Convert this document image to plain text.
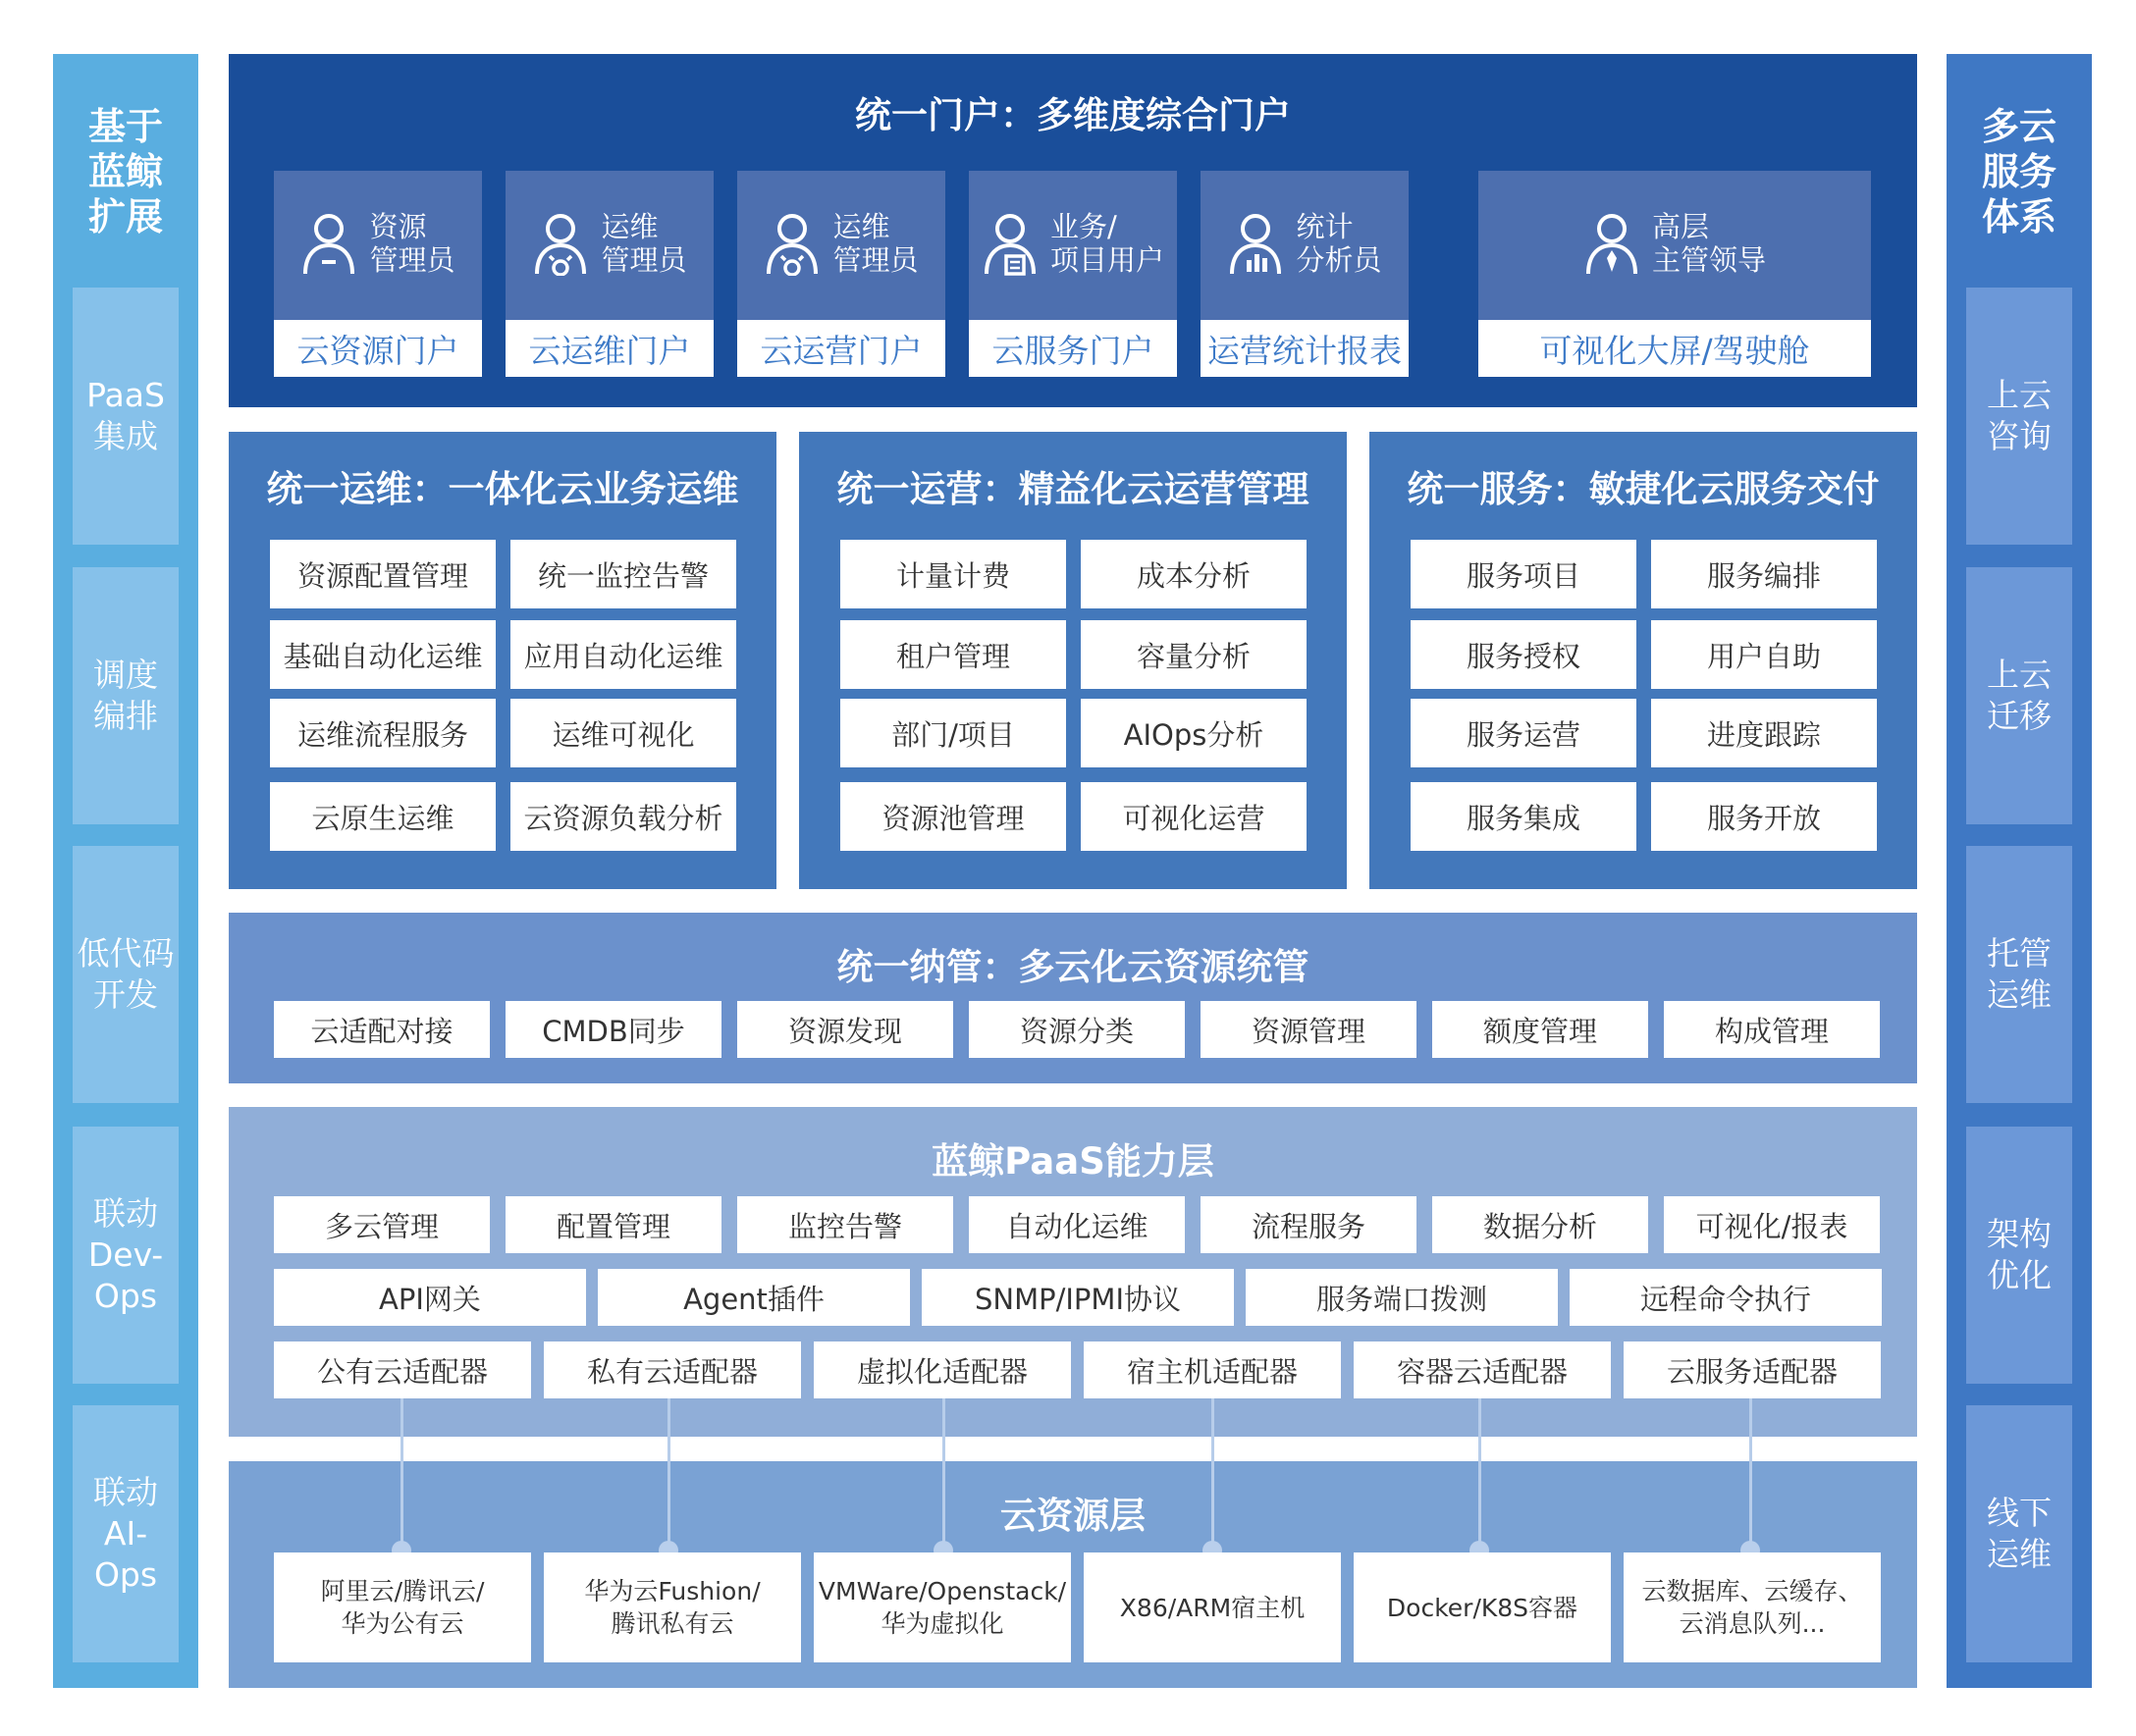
基于
蓝鲸
扩展
PaaS
集成
调度
编排
低代码
开发
联动
Dev-
Ops
联动
AI-
Ops
多云
服务
体系
上云
咨询
上云
迁移
托管
运维
架构
优化
线下
运维
统一门户：多维度综合门户
资源
管理员
云资源门户
运维
管理员
云运维门户
运维
管理员
云运营门户
业务/
项目用户
云服务门户
统计
分析员
运营统计报表
高层
主管领导
可视化大屏/驾驶舱
统一运维：一体化云业务运维	统一运营：精益化云运营管理	统一服务：敏捷化云服务交付
资源配置管理	统一监控告警
基础自动化运维	应用自动化运维
运维流程服务	运维可视化
云原生运维	云资源负载分析
计量计费	成本分析
租户管理	容量分析
部门/项目	AIOps分析
资源池管理	可视化运营
服务项目	服务编排
服务授权	用户自助
服务运营	进度跟踪
服务集成	服务开放
统一纳管：多云化云资源统管
云适配对接	CMDB同步	资源发现	资源分类	资源管理	额度管理	构成管理
蓝鲸PaaS能力层
云资源层
多云管理	配置管理	监控告警	自动化运维	流程服务	数据分析	可视化/报表
API网关	Agent插件	SNMP/IPMI协议	服务端口拨测	远程命令执行
公有云适配器	私有云适配器	虚拟化适配器	宿主机适配器	容器云适配器	云服务适配器
阿里云/腾讯云/
华为公有云
华为云Fushion/
腾讯私有云
VMWare/Openstack/
华为虚拟化
X86/ARM宿主机	Docker/K8S容器
云数据库、云缓存、
云消息队列...
